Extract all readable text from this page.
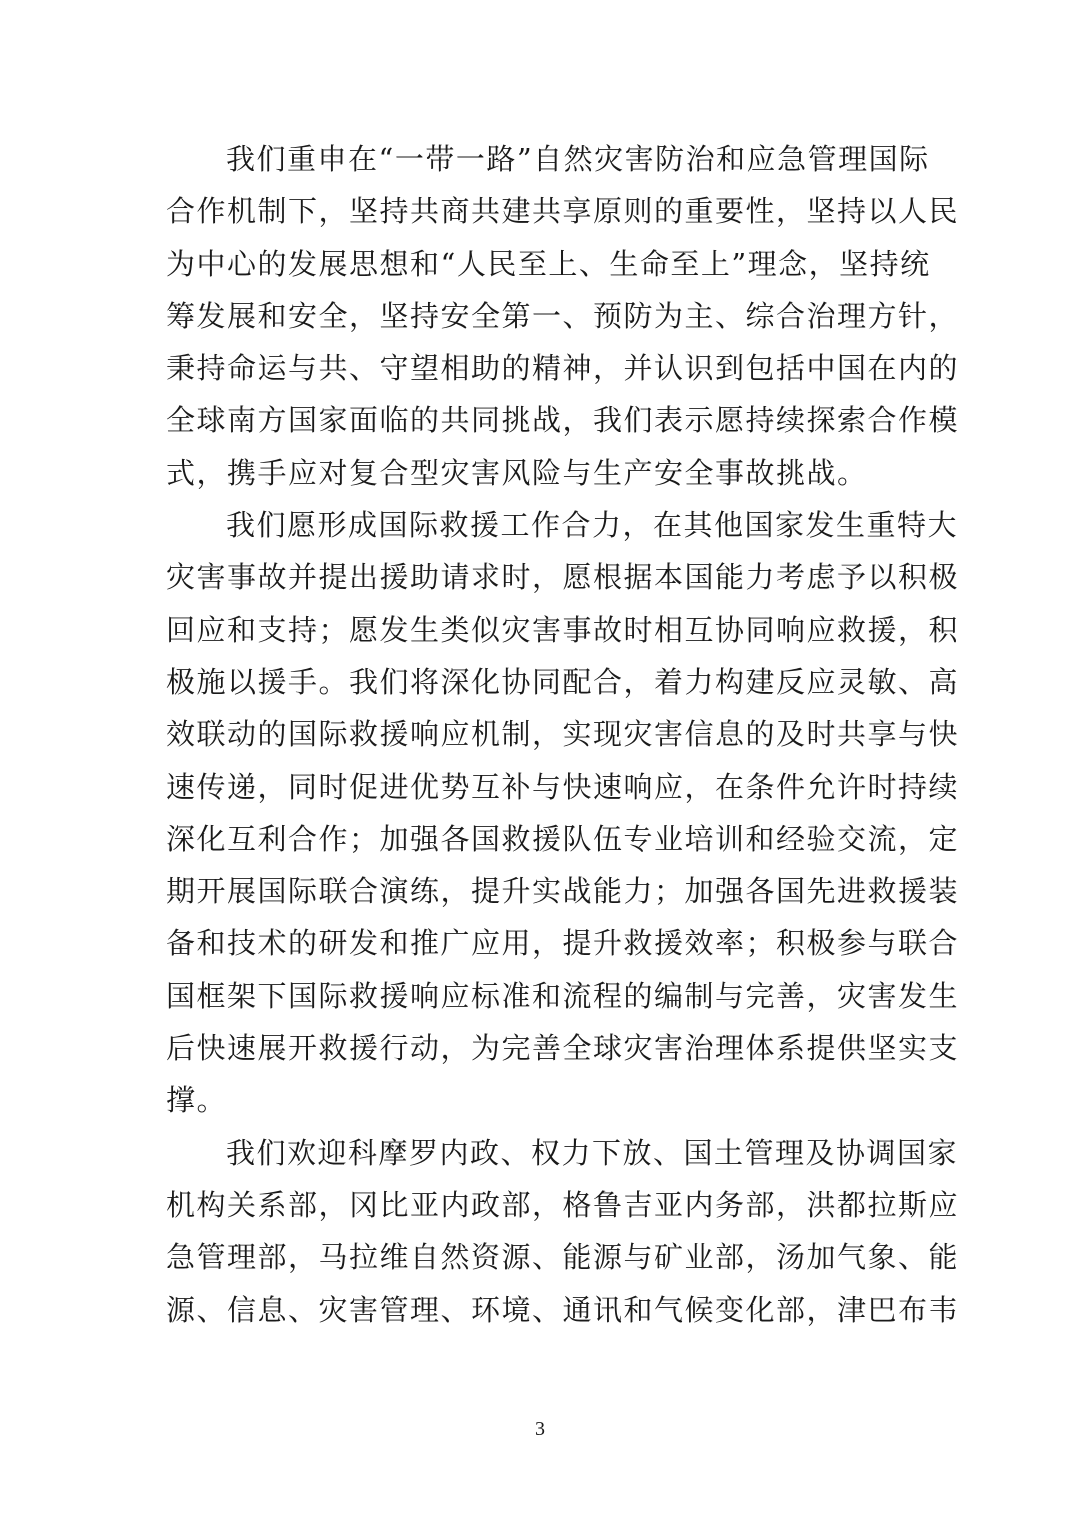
我们重申在“一带一路”自然灾害防治和应急管理国际
合作机制下，坚持共商共建共享原则的重要性，坚持以人民
为中心的发展思想和“人民至上、生命至上”理念，坚持统
筹发展和安全，坚持安全第一、预防为主、综合治理方针，
秉持命运与共、守望相助的精神，并认识到包括中国在内的
全球南方国家面临的共同挑战，我们表示愿持续探索合作模
式，携手应对复合型灾害风险与生产安全事故挑战。

我们愿形成国际救援工作合力，在其他国家发生重特大
灾害事故并提出援助请求时，愿根据本国能力考虑予以积极
回应和支持；愿发生类似灾害事故时相互协同响应救援，积
极施以援手。我们将深化协同配合，着力构建反应灵敏、高
效联动的国际救援响应机制，实现灾害信息的及时共享与快
速传递，同时促进优势互补与快速响应，在条件允许时持续
深化互利合作；加强各国救援队伍专业培训和经验交流，定
期开展国际联合演练，提升实战能力；加强各国先进救援装
备和技术的研发和推广应用，提升救援效率；积极参与联合
国框架下国际救援响应标准和流程的编制与完善，灾害发生
后快速展开救援行动，为完善全球灾害治理体系提供坚实支
撑。

我们欢迎科摩罗内政、权力下放、国土管理及协调国家
机构关系部，冈比亚内政部，格鲁吉亚内务部，洪都拉斯应
急管理部，马拉维自然资源、能源与矿业部，汤加气象、能
源、信息、灾害管理、环境、通讯和气候变化部，津巴布韦

3
